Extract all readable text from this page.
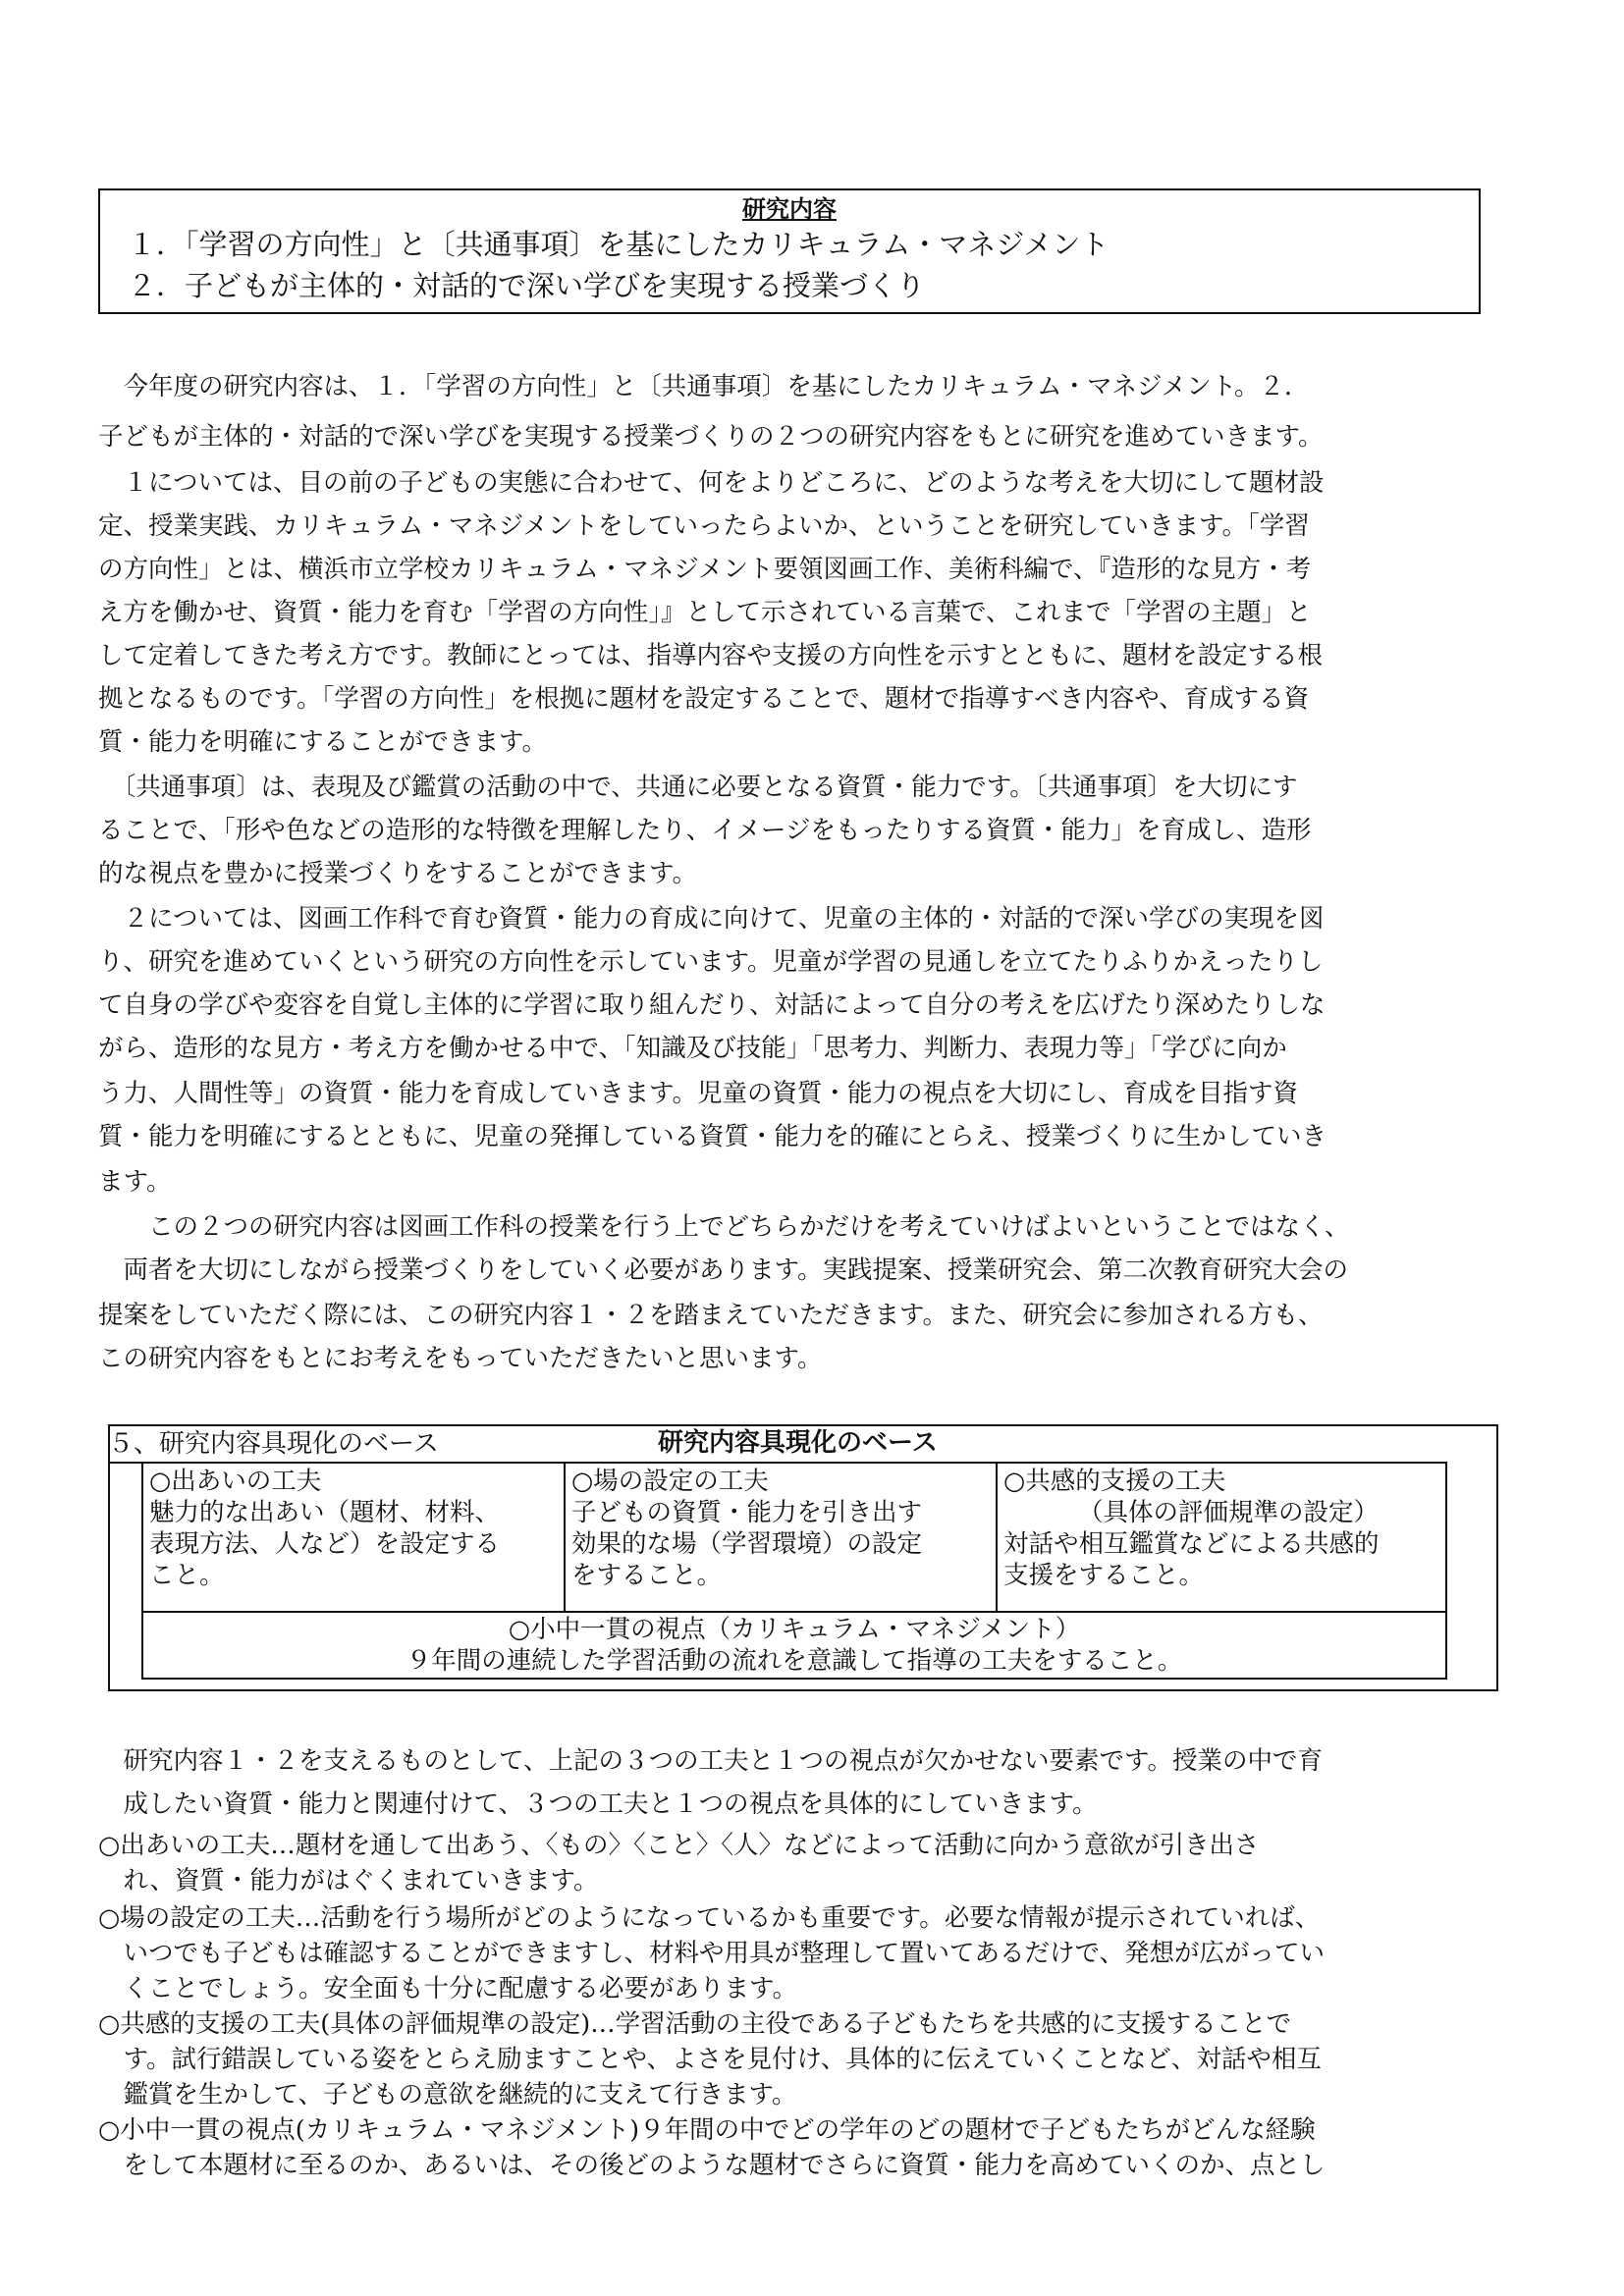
研究内容
１．「学習の方向性」と〔共通事項〕を基にしたカリキュラム・マネジメント
２．子どもが主体的・対話的で深い学びを実現する授業づくり
　今年度の研究内容は、１．「学習の方向性」と〔共通事項〕を基にしたカリキュラム・マネジメント。２．
子どもが主体的・対話的で深い学びを実現する授業づくりの２つの研究内容をもとに研究を進めていきます。
　１については、目の前の子どもの実態に合わせて、何をよりどころに、どのような考えを大切にして題材設
定、授業実践、カリキュラム・マネジメントをしていったらよいか、ということを研究していきます。「学習
の方向性」とは、横浜市立学校カリキュラム・マネジメント要領図画工作、美術科編で、『造形的な見方・考
え方を働かせ、資質・能力を育む「学習の方向性」』として示されている言葉で、これまで「学習の主題」と
して定着してきた考え方です。教師にとっては、指導内容や支援の方向性を示すとともに、題材を設定する根
拠となるものです。「学習の方向性」を根拠に題材を設定することで、題材で指導すべき内容や、育成する資
質・能力を明確にすることができます。
　〔共通事項〕は、表現及び鑑賞の活動の中で、共通に必要となる資質・能力です。〔共通事項〕を大切にす
ることで、「形や色などの造形的な特徴を理解したり、イメージをもったりする資質・能力」を育成し、造形
的な視点を豊かに授業づくりをすることができます。
　２については、図画工作科で育む資質・能力の育成に向けて、児童の主体的・対話的で深い学びの実現を図
り、研究を進めていくという研究の方向性を示しています。児童が学習の見通しを立てたりふりかえったりし
て自身の学びや変容を自覚し主体的に学習に取り組んだり、対話によって自分の考えを広げたり深めたりしな
がら、造形的な見方・考え方を働かせる中で、「知識及び技能」「思考力、判断力、表現力等」「学びに向か
う力、人間性等」の資質・能力を育成していきます。児童の資質・能力の視点を大切にし、育成を目指す資
質・能力を明確にするとともに、児童の発揮している資質・能力を的確にとらえ、授業づくりに生かしていき
ます。
　　この２つの研究内容は図画工作科の授業を行う上でどちらかだけを考えていけばよいということではなく、
　両者を大切にしながら授業づくりをしていく必要があります。実践提案、授業研究会、第二次教育研究大会の
提案をしていただく際には、この研究内容１・２を踏まえていただきます。また、研究会に参加される方も、
この研究内容をもとにお考えをもっていただきたいと思います。
５、研究内容具現化のベース	研究内容具現化のベース
○出あいの工夫
魅力的な出あい（題材、材料、
表現方法、人など）を設定する
こと。
○場の設定の工夫
子どもの資質・能力を引き出す
効果的な場（学習環境）の設定
をすること。
○共感的支援の工夫
（具体の評価規準の設定）
対話や相互鑑賞などによる共感的
支援をすること。
○小中一貫の視点（カリキュラム・マネジメント）
９年間の連続した学習活動の流れを意識して指導の工夫をすること。
　研究内容１・２を支えるものとして、上記の３つの工夫と１つの視点が欠かせない要素です。授業の中で育
　成したい資質・能力と関連付けて、３つの工夫と１つの視点を具体的にしていきます。
○出あいの工夫…題材を通して出あう、〈もの〉〈こと〉〈人〉などによって活動に向かう意欲が引き出さ
　れ、資質・能力がはぐくまれていきます。
○場の設定の工夫…活動を行う場所がどのようになっているかも重要です。必要な情報が提示されていれば、
　いつでも子どもは確認することができますし、材料や用具が整理して置いてあるだけで、発想が広がってい
　くことでしょう。安全面も十分に配慮する必要があります。
○共感的支援の工夫(具体の評価規準の設定)…学習活動の主役である子どもたちを共感的に支援することで
　す。試行錯誤している姿をとらえ励ますことや、よさを見付け、具体的に伝えていくことなど、対話や相互
　鑑賞を生かして、子どもの意欲を継続的に支えて行きます。
○小中一貫の視点(カリキュラム・マネジメント)９年間の中でどの学年のどの題材で子どもたちがどんな経験
　をして本題材に至るのか、あるいは、その後どのような題材でさらに資質・能力を高めていくのか、点とし
